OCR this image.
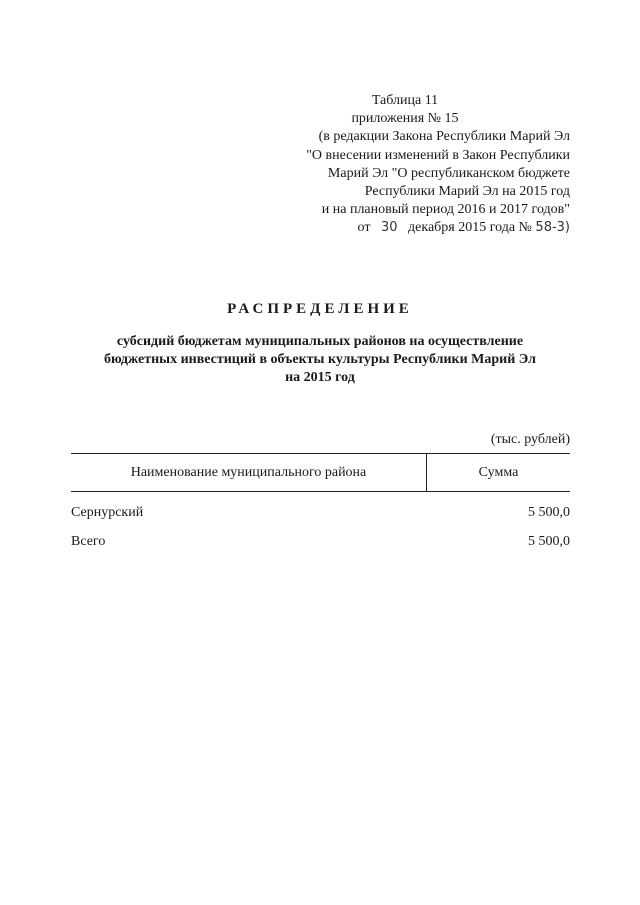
Таблица 11
приложения № 15
(в редакции Закона Республики Марий Эл
"О внесении изменений в Закон Республики
Марий Эл "О республиканском бюджете
Республики Марий Эл на 2015 год
и на плановый период 2016 и 2017 годов"
от 30 декабря 2015 года № 58-3)
РАСПРЕДЕЛЕНИЕ
субсидий бюджетам муниципальных районов на осуществление
бюджетных инвестиций в объекты культуры Республики Марий Эл
на 2015 год
(тыс. рублей)
Наименование муниципального района	Сумма
Сернурский	5 500,0
Всего	5 500,0
